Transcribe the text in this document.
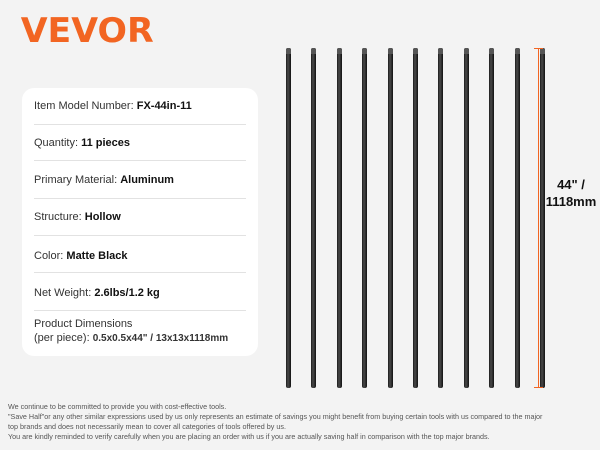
VEVOR
Item Model Number: FX-44in-11
Quantity: 11 pieces
Primary Material: Aluminum
Structure: Hollow
Color: Matte Black
Net Weight: 2.6lbs/1.2 kg
Product Dimensions
(per piece): 0.5x0.5x44" / 13x13x1118mm
44" /
1118mm
We continue to be committed to provide you with cost-effective tools.
"Save Half"or any other similar expressions used by us only represents an estimate of savings you might benefit from buying certain tools with us compared to the major
top brands and does not necessarily mean to cover all categories of tools offered by us.
You are kindly reminded to verify carefully when you are placing an order with us if you are actually saving half in comparison with the top major brands.
